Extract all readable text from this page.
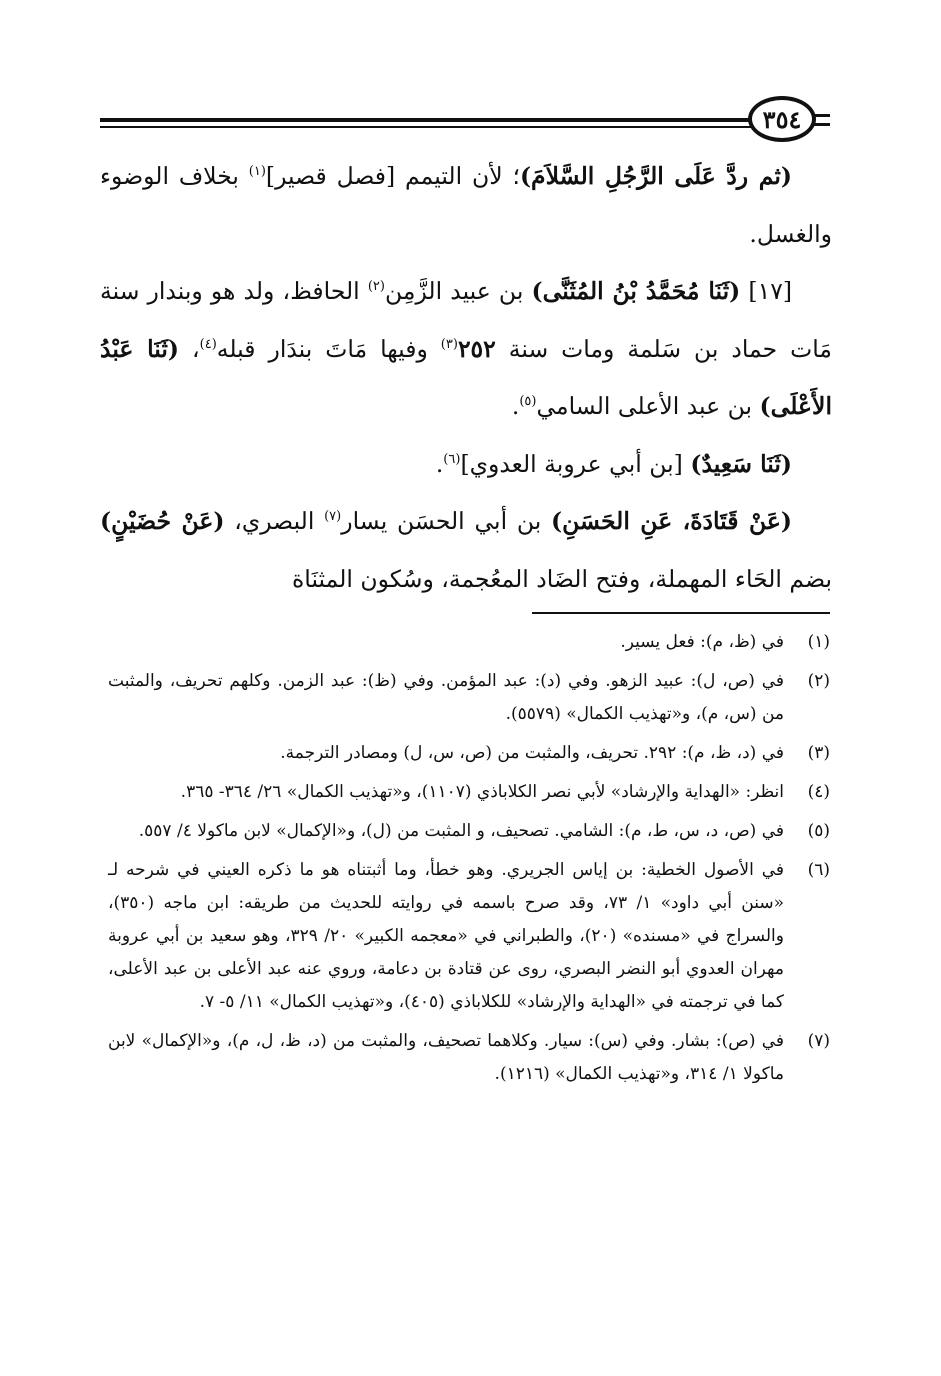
٣٥٤

(ثم ردَّ عَلَى الرَّجُلِ السَّلاَمَ)؛ لأن التيمم [فصل قصير]$^{(١)}$ بخلاف الوضوء والغسل.

[١٧] (ثَنَا مُحَمَّدُ بْنُ المُثَنَّى) بن عبيد الزَّمِن$^{(٢)}$ الحافظ، ولد هو وبندار سنة مَات حماد بن سَلمة ومات سنة ٢٥٢$^{(٣)}$ وفيها مَاتَ بندَار قبله$^{(٤)}$، (ثَنَا عَبْدُ الأَعْلَى) بن عبد الأعلى السامي$^{(٥)}$.

(ثَنَا سَعِيدٌ) [بن أبي عروبة العدوي]$^{(٦)}$.

(عَنْ قَتَادَةَ، عَنِ الحَسَنِ) بن أبي الحسَن يسار$^{(٧)}$ البصري، (عَنْ حُضَيْنٍ) بضم الحَاء المهملة، وفتح الضَاد المعُجمة، وسُكون المثنَاة

(١)
في (ظ، م): فعل يسير.
(٢)
في (ص، ل): عبيد الزهو. وفي (د): عبد المؤمن. وفي (ظ): عبد الزمن. وكلهم تحريف، والمثبت من (س، م)، و«تهذيب الكمال» (٥٥٧٩).
(٣)
في (د، ظ، م): ٢٩٢. تحريف، والمثبت من (ص، س، ل) ومصادر الترجمة.
(٤)
انظر: «الهداية والإرشاد» لأبي نصر الكلاباذي (١١٠٧)، و«تهذيب الكمال» ٢٦/ ٣٦٤- ٣٦٥.
(٥)
في (ص، د، س، ط، م): الشامي. تصحيف، و المثبت من (ل)، و«الإكمال» لابن ماكولا ٤/ ٥٥٧.
(٦)
في الأصول الخطية: بن إياس الجريري. وهو خطأ، وما أثبتناه هو ما ذكره العيني في شرحه لـ «سنن أبي داود» ١/ ٧٣، وقد صرح باسمه في روايته للحديث من طريقه: ابن ماجه (٣٥٠)، والسراج في «مسنده» (٢٠)، والطبراني في «معجمه الكبير» ٢٠/ ٣٢٩، وهو سعيد بن أبي عروبة مهران العدوي أبو النضر البصري، روى عن قتادة بن دعامة، وروي عنه عبد الأعلى بن عبد الأعلى، كما في ترجمته في «الهداية والإرشاد» للكلاباذي (٤٠٥)، و«تهذيب الكمال» ١١/ ٥- ٧.
(٧)
في (ص): بشار. وفي (س): سيار. وكلاهما تصحيف، والمثبت من (د، ظ، ل، م)، و«الإكمال» لابن ماكولا ١/ ٣١٤، و«تهذيب الكمال» (١٢١٦).
